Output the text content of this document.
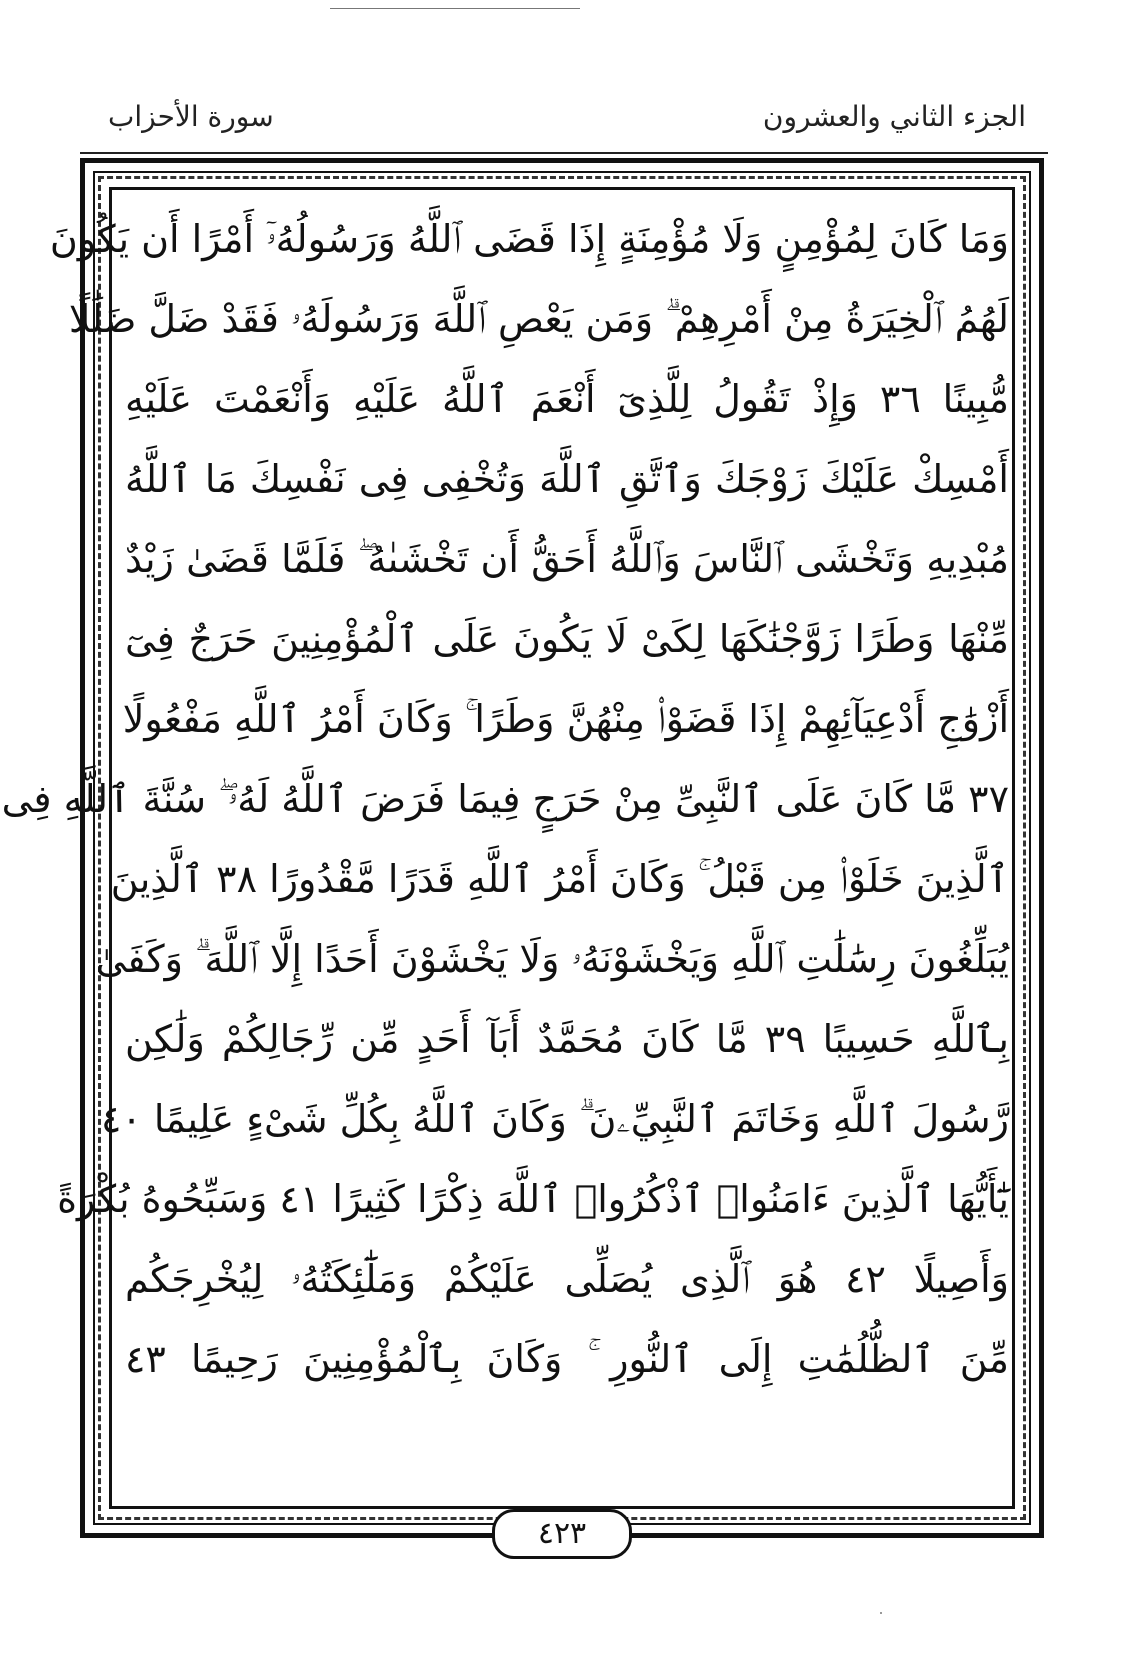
سورة الأحزاب	الجزء الثاني والعشرون
وَمَا كَانَ لِمُؤْمِنٍ وَلَا مُؤْمِنَةٍ إِذَا قَضَى ٱللَّهُ وَرَسُولُهُۥٓ أَمْرًا أَن يَكُونَ
لَهُمُ ٱلْخِيَرَةُ مِنْ أَمْرِهِمْ ۗ وَمَن يَعْصِ ٱللَّهَ وَرَسُولَهُۥ فَقَدْ ضَلَّ ضَلَٰلًا
مُّبِينًا ٣٦ وَإِذْ تَقُولُ لِلَّذِىٓ أَنْعَمَ ٱللَّهُ عَلَيْهِ وَأَنْعَمْتَ عَلَيْهِ
أَمْسِكْ عَلَيْكَ زَوْجَكَ وَٱتَّقِ ٱللَّهَ وَتُخْفِى فِى نَفْسِكَ مَا ٱللَّهُ
مُبْدِيهِ وَتَخْشَى ٱلنَّاسَ وَٱللَّهُ أَحَقُّ أَن تَخْشَىٰهُ ۖ فَلَمَّا قَضَىٰ زَيْدٌ
مِّنْهَا وَطَرًا زَوَّجْنَٰكَهَا لِكَىْ لَا يَكُونَ عَلَى ٱلْمُؤْمِنِينَ حَرَجٌ فِىٓ
أَزْوَٰجِ أَدْعِيَآئِهِمْ إِذَا قَضَوْا۟ مِنْهُنَّ وَطَرًا ۚ وَكَانَ أَمْرُ ٱللَّهِ مَفْعُولًا
٣٧ مَّا كَانَ عَلَى ٱلنَّبِىِّ مِنْ حَرَجٍ فِيمَا فَرَضَ ٱللَّهُ لَهُۥ ۖ سُنَّةَ ٱللَّهِ فِى
ٱلَّذِينَ خَلَوْا۟ مِن قَبْلُ ۚ وَكَانَ أَمْرُ ٱللَّهِ قَدَرًا مَّقْدُورًا ٣٨ ٱلَّذِينَ
يُبَلِّغُونَ رِسَٰلَٰتِ ٱللَّهِ وَيَخْشَوْنَهُۥ وَلَا يَخْشَوْنَ أَحَدًا إِلَّا ٱللَّهَ ۗ وَكَفَىٰ
بِٱللَّهِ حَسِيبًا ٣٩ مَّا كَانَ مُحَمَّدٌ أَبَآ أَحَدٍ مِّن رِّجَالِكُمْ وَلَٰكِن
رَّسُولَ ٱللَّهِ وَخَاتَمَ ٱلنَّبِيِّۦنَ ۗ وَكَانَ ٱللَّهُ بِكُلِّ شَىْءٍ عَلِيمًا ٤٠
يَٰٓأَيُّهَا ٱلَّذِينَ ءَامَنُوا۟ ٱذْكُرُوا۟ ٱللَّهَ ذِكْرًا كَثِيرًا ٤١ وَسَبِّحُوهُ بُكْرَةً
وَأَصِيلًا ٤٢ هُوَ ٱلَّذِى يُصَلِّى عَلَيْكُمْ وَمَلَٰٓئِكَتُهُۥ لِيُخْرِجَكُم
مِّنَ ٱلظُّلُمَٰتِ إِلَى ٱلنُّورِ ۚ وَكَانَ بِٱلْمُؤْمِنِينَ رَحِيمًا ٤٣
٤٢٣
